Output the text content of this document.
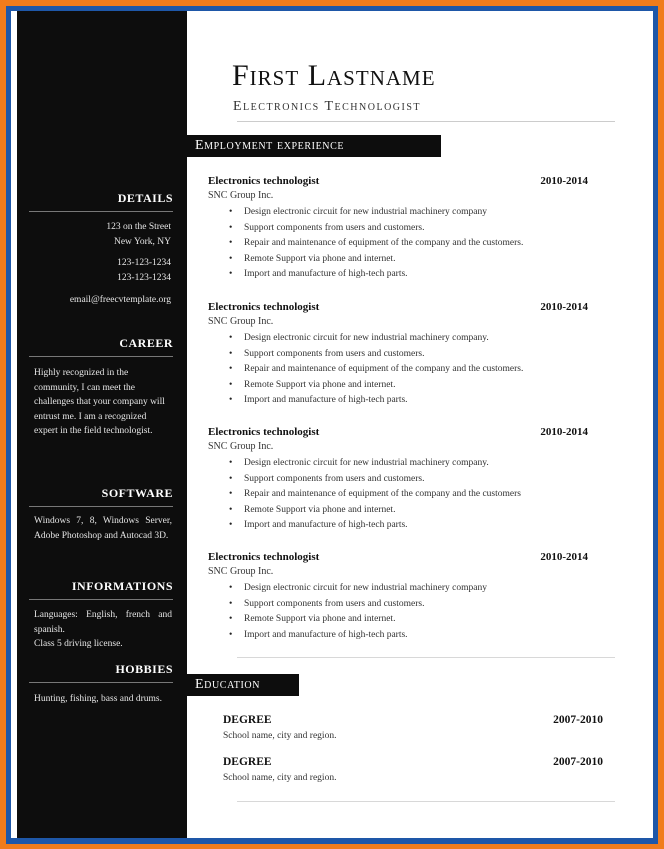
DETAILS
123 on the Street
New York, NY
123-123-1234
123-123-1234
email@freecvtemplate.org
CAREER
Highly recognized in the community, I can meet the challenges that your company will entrust me. I am a recognized expert in the field technologist.
SOFTWARE
Windows 7, 8, Windows Server, Adobe Photoshop and Autocad 3D.
INFORMATIONS
Languages: English, french and spanish.
Class 5 driving license.
HOBBIES
Hunting, fishing, bass and drums.
First Lastname
Electronics Technologist
Employment experience
Electronics technologist	2010-2014
SNC Group Inc.
• Design electronic circuit for new industrial machinery company
• Support components from users and customers.
• Repair and maintenance of equipment of the company and the customers.
• Remote Support via phone and internet.
• Import and manufacture of high-tech parts.
Electronics technologist	2010-2014
SNC Group Inc.
• Design electronic circuit for new industrial machinery company.
• Support components from users and customers.
• Repair and maintenance of equipment of the company and the customers.
• Remote Support via phone and internet.
• Import and manufacture of high-tech parts.
Electronics technologist	2010-2014
SNC Group Inc.
• Design electronic circuit for new industrial machinery company.
• Support components from users and customers.
• Repair and maintenance of equipment of the company and the customers
• Remote Support via phone and internet.
• Import and manufacture of high-tech parts.
Electronics technologist	2010-2014
SNC Group Inc.
• Design electronic circuit for new industrial machinery company
• Support components from users and customers.
• Remote Support via phone and internet.
• Import and manufacture of high-tech parts.
Education
DEGREE	2007-2010
School name, city and region.
DEGREE	2007-2010
School name, city and region.
